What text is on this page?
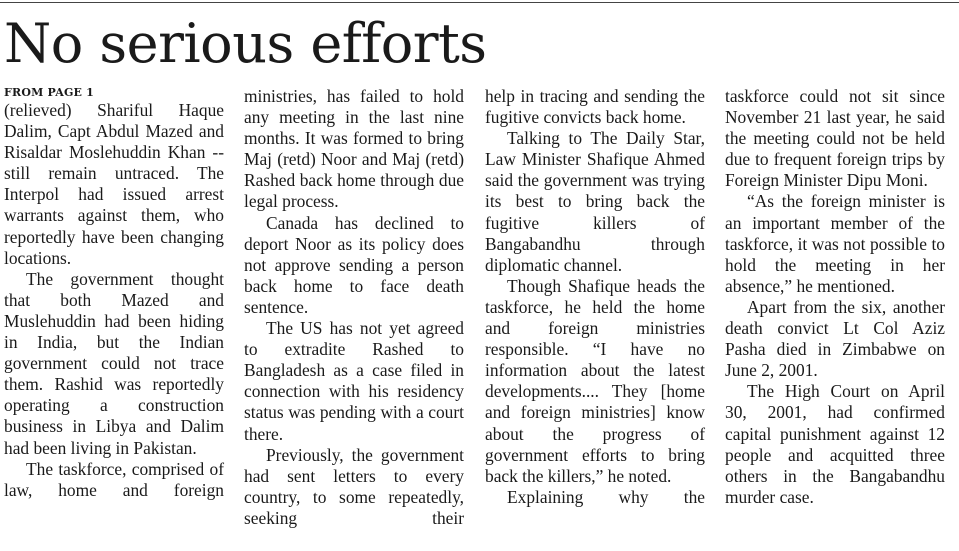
No serious efforts
FROM PAGE 1

(relieved) Shariful Haque Dalim, Capt Abdul Mazed and Risaldar Moslehuddin Khan -- still remain untraced. The Interpol had issued arrest warrants against them, who reportedly have been changing locations.

The government thought that both Mazed and Muslehuddin had been hiding in India, but the Indian government could not trace them. Rashid was reportedly operating a construction business in Libya and Dalim had been living in Pakistan.

The taskforce, comprised of law, home and foreign

ministries, has failed to hold any meeting in the last nine months. It was formed to bring Maj (retd) Noor and Maj (retd) Rashed back home through due legal process.

Canada has declined to deport Noor as its policy does not approve sending a person back home to face death sentence.

The US has not yet agreed to extradite Rashed to Bangladesh as a case filed in connection with his residency status was pending with a court there.

Previously, the government had sent letters to every country, to some repeatedly, seeking their

help in tracing and sending the fugitive convicts back home.

Talking to The Daily Star, Law Minister Shafique Ahmed said the government was trying its best to bring back the fugitive killers of Bangabandhu through diplomatic channel.

Though Shafique heads the taskforce, he held the home and foreign ministries responsible. “I have no information about the latest developments.... They [home and foreign ministries] know about the progress of government efforts to bring back the killers,” he noted.

Explaining why the

taskforce could not sit since November 21 last year, he said the meeting could not be held due to frequent foreign trips by Foreign Minister Dipu Moni.

“As the foreign minister is an important member of the taskforce, it was not possible to hold the meeting in her absence,” he mentioned.

Apart from the six, another death convict Lt Col Aziz Pasha died in Zimbabwe on June 2, 2001.

The High Court on April 30, 2001, had confirmed capital punishment against 12 people and acquitted three others in the Bangabandhu murder case.
